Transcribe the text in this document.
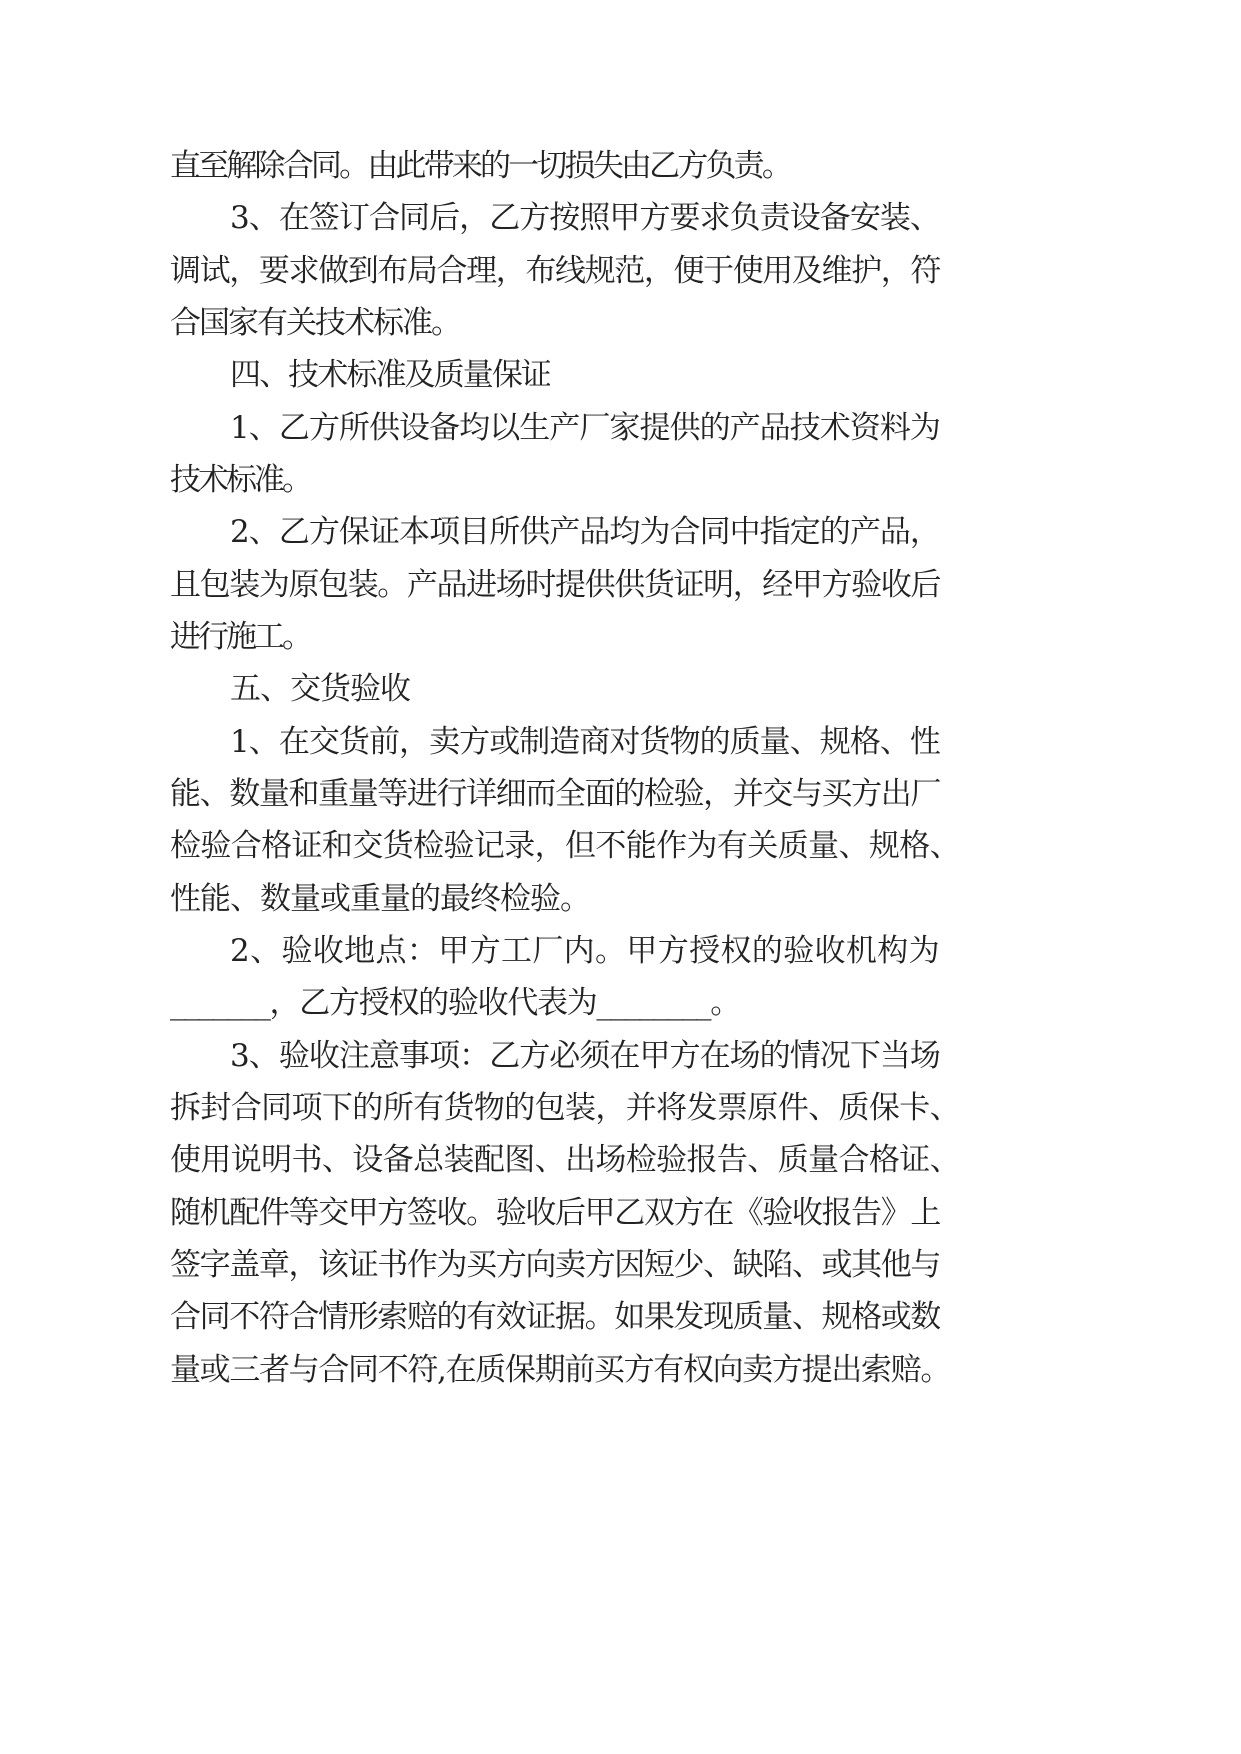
直至解除合同。由此带来的一切损失由乙方负责。
3、在签订合同后，乙方按照甲方要求负责设备安装、
调试，要求做到布局合理，布线规范，便于使用及维护，符
合国家有关技术标准。
四、技术标准及质量保证
1、乙方所供设备均以生产厂家提供的产品技术资料为
技术标准。
2、乙方保证本项目所供产品均为合同中指定的产品，
且包装为原包装。产品进场时提供供货证明，经甲方验收后
进行施工。
五、交货验收
1、在交货前，卖方或制造商对货物的质量、规格、性
能、数量和重量等进行详细而全面的检验，并交与买方出厂
检验合格证和交货检验记录，但不能作为有关质量、规格、
性能、数量或重量的最终检验。
2、验收地点：甲方工厂内。甲方授权的验收机构为
_______，乙方授权的验收代表为________。
3、验收注意事项：乙方必须在甲方在场的情况下当场
拆封合同项下的所有货物的包装，并将发票原件、质保卡、
使用说明书、设备总装配图、出场检验报告、质量合格证、
随机配件等交甲方签收。验收后甲乙双方在《验收报告》上
签字盖章，该证书作为买方向卖方因短少、缺陷、或其他与
合同不符合情形索赔的有效证据。如果发现质量、规格或数
量或三者与合同不符,在质保期前买方有权向卖方提出索赔。
